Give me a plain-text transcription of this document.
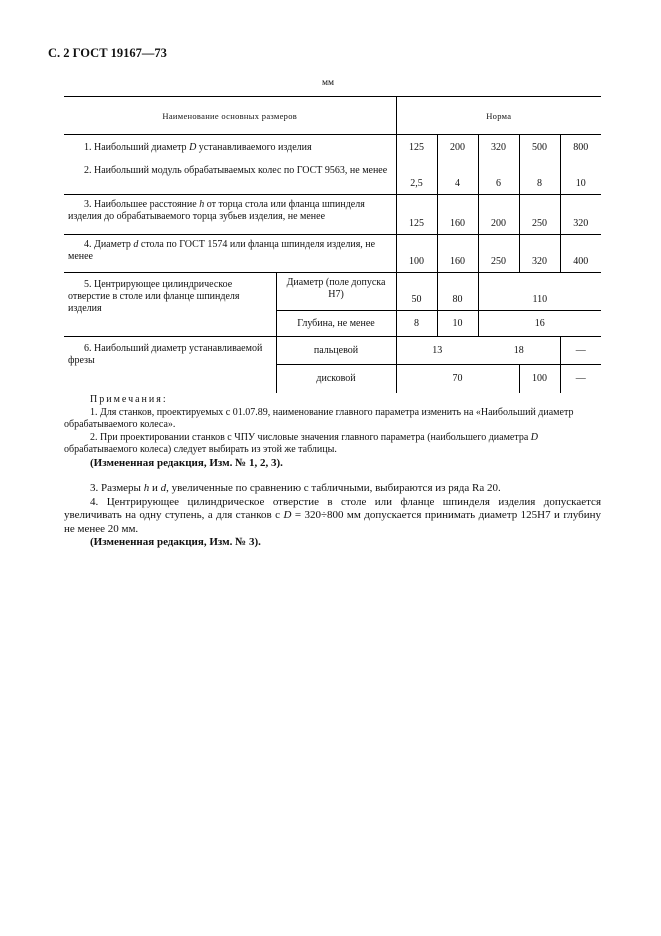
С. 2 ГОСТ 19167—73
мм
Наименование основных размеров		Норма				
1. Наибольший диаметр D устанавливаемого изделия		125	200	320	500	800
2. Наибольший модуль обрабатываемых колес по ГОСТ 9563, не менее		2,5	4	6	8	10
3. Наибольшее расстояние h от торца стола или фланца шпинделя изделия до обрабатываемого торца зубьев изделия, не менее		125	160	200	250	320
4. Диаметр d стола по ГОСТ 1574 или фланца шпинделя изделия, не менее		100	160	250	320	400
5. Центрирующее цилиндрическое отверстие в столе или фланце шпинделя изделия	Диаметр (поле допуска Н7)	50	80	110		
	Глубина, не менее	8	10	16		
6. Наибольший диаметр устанавливаемой фрезы	пальцевой	13		18		—
	дисковой	70			100	—

Примечания:

1. Для станков, проектируемых с 01.07.89, наименование главного параметра изменить на «Наибольший диаметр обрабатываемого колеса».

2. При проектировании станков с ЧПУ числовые значения главного параметра (наибольшего диаметра D обрабатываемого колеса) следует выбирать из этой же таблицы.

(Измененная редакция, Изм. № 1, 2, 3).

3. Размеры h и d, увеличенные по сравнению с табличными, выбираются из ряда Ra 20.

4. Центрирующее цилиндрическое отверстие в столе или фланце шпинделя изделия допускается увеличивать на одну ступень, а для станков с D = 320÷800 мм допускается принимать диаметр 125Н7 и глубину не менее 20 мм.

(Измененная редакция, Изм. № 3).
